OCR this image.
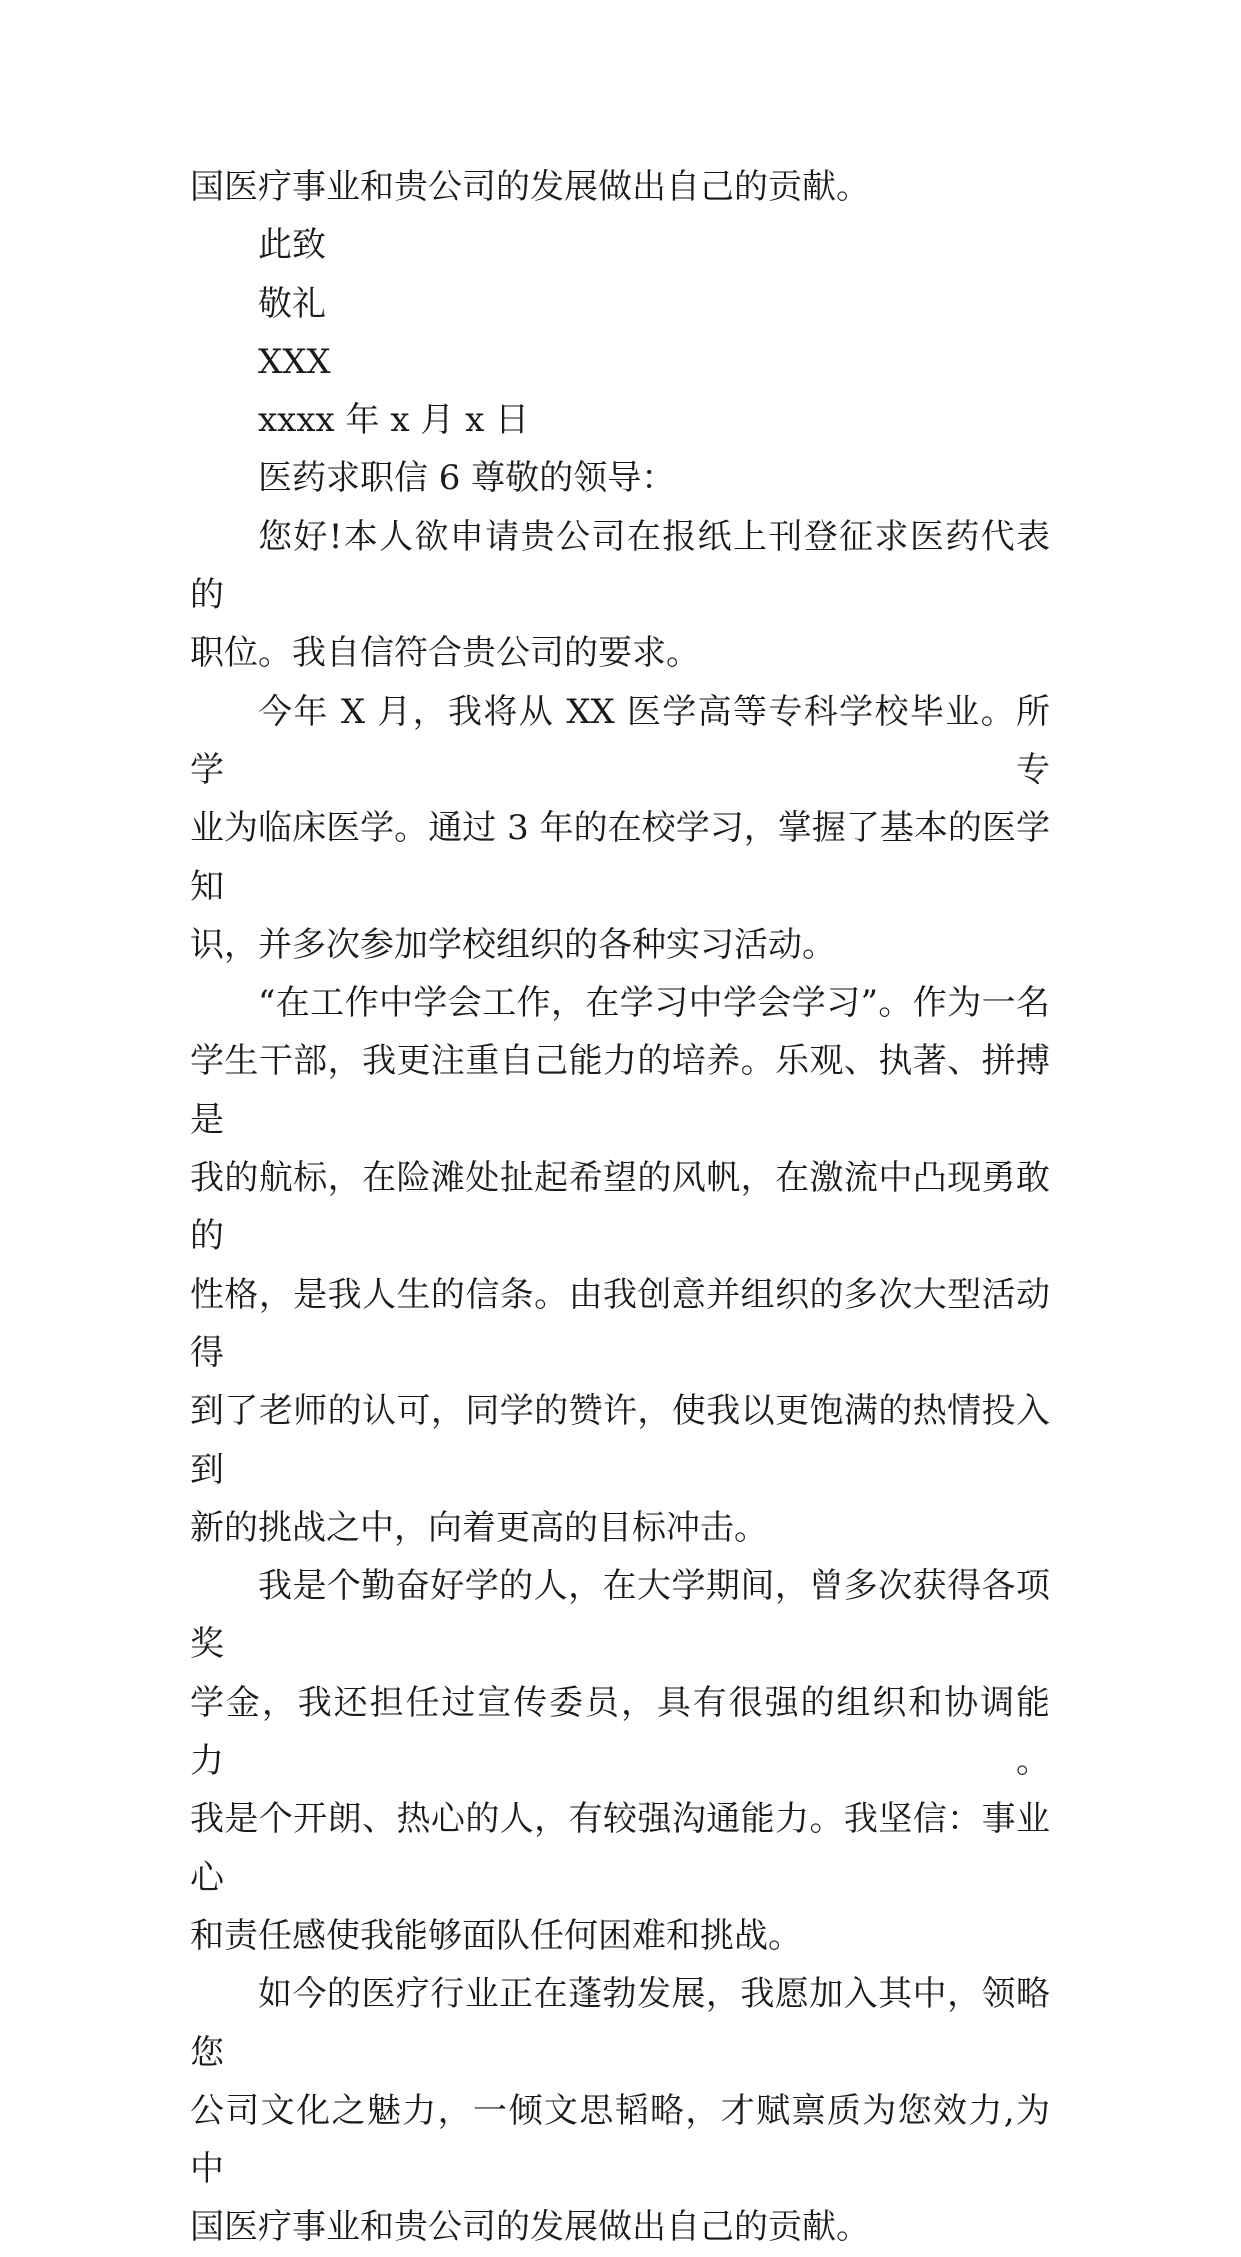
国医疗事业和贵公司的发展做出自己的贡献。

此致

敬礼

XXX

xxxx 年 x 月 x 日

医药求职信 6 尊敬的领导：

您好!本人欲申请贵公司在报纸上刊登征求医药代表的
职位。我自信符合贵公司的要求。

今年 X 月，我将从 XX 医学高等专科学校毕业。所学专
业为临床医学。通过 3 年的在校学习，掌握了基本的医学知
识，并多次参加学校组织的各种实习活动。

“在工作中学会工作，在学习中学会学习”。作为一名
学生干部，我更注重自己能力的培养。乐观、执著、拼搏是
我的航标，在险滩处扯起希望的风帆，在激流中凸现勇敢的
性格，是我人生的信条。由我创意并组织的多次大型活动得
到了老师的认可，同学的赞许，使我以更饱满的热情投入到
新的挑战之中，向着更高的目标冲击。

我是个勤奋好学的人，在大学期间，曾多次获得各项奖
学金，我还担任过宣传委员，具有很强的组织和协调能力。
我是个开朗、热心的人，有较强沟通能力。我坚信：事业心
和责任感使我能够面队任何困难和挑战。

如今的医疗行业正在蓬勃发展，我愿加入其中，领略您
公司文化之魅力，一倾文思韬略，才赋禀质为您效力,为中
国医疗事业和贵公司的发展做出自己的贡献。
